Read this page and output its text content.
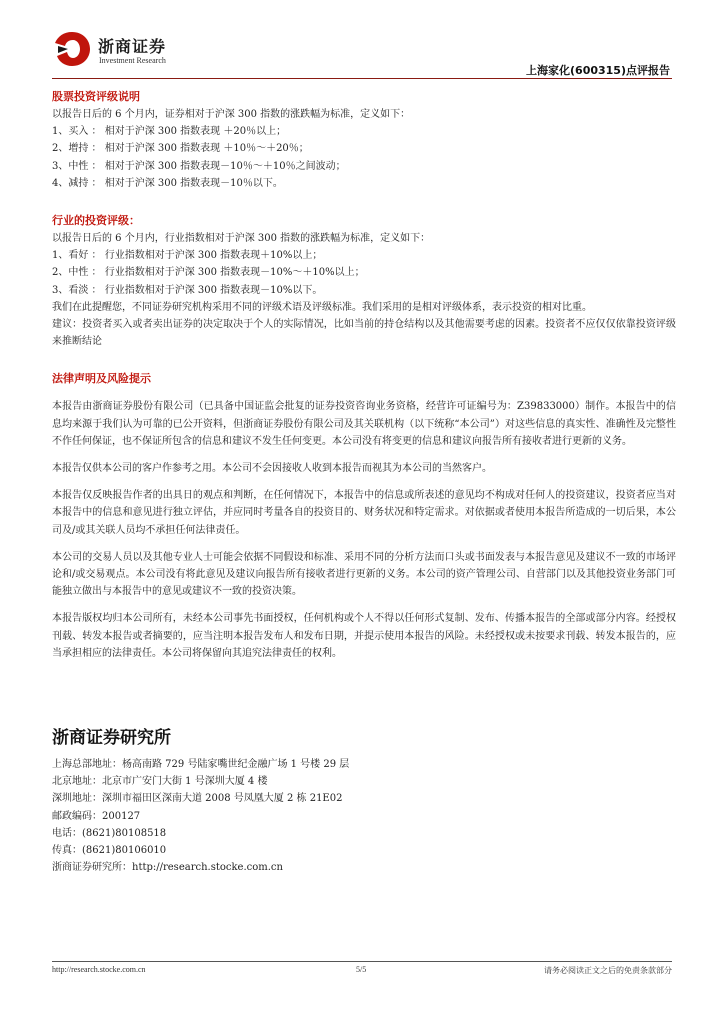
浙商证券
Investment Research
上海家化(600315)点评报告

股票投资评级说明

以报告日后的 6 个月内，证券相对于沪深 300 指数的涨跌幅为标准，定义如下：
1、买入 ： 相对于沪深 300 指数表现 ＋20％以上；
2、增持 ： 相对于沪深 300 指数表现 ＋10％～＋20％；
3、中性 ： 相对于沪深 300 指数表现－10％～＋10％之间波动；
4、减持 ： 相对于沪深 300 指数表现－10％以下。

行业的投资评级：

以报告日后的 6 个月内，行业指数相对于沪深 300 指数的涨跌幅为标准，定义如下：
1、看好 ： 行业指数相对于沪深 300 指数表现＋10%以上；
2、中性 ： 行业指数相对于沪深 300 指数表现－10%～＋10%以上；
3、看淡 ： 行业指数相对于沪深 300 指数表现－10%以下。

我们在此提醒您，不同证券研究机构采用不同的评级术语及评级标准。我们采用的是相对评级体系，表示投资的相对比重。

建议：投资者买入或者卖出证券的决定取决于个人的实际情况，比如当前的持仓结构以及其他需要考虑的因素。投资者不应仅仅依靠投资评级来推断结论

法律声明及风险提示

本报告由浙商证券股份有限公司（已具备中国证监会批复的证券投资咨询业务资格，经营许可证编号为：Z39833000）制作。本报告中的信息均来源于我们认为可靠的已公开资料，但浙商证券股份有限公司及其关联机构（以下统称“本公司”）对这些信息的真实性、准确性及完整性不作任何保证，也不保证所包含的信息和建议不发生任何变更。本公司没有将变更的信息和建议向报告所有接收者进行更新的义务。

本报告仅供本公司的客户作参考之用。本公司不会因接收人收到本报告而视其为本公司的当然客户。

本报告仅反映报告作者的出具日的观点和判断，在任何情况下，本报告中的信息或所表述的意见均不构成对任何人的投资建议，投资者应当对本报告中的信息和意见进行独立评估，并应同时考量各自的投资目的、财务状况和特定需求。对依据或者使用本报告所造成的一切后果，本公司及/或其关联人员均不承担任何法律责任。

本公司的交易人员以及其他专业人士可能会依据不同假设和标准、采用不同的分析方法而口头或书面发表与本报告意见及建议不一致的市场评论和/或交易观点。本公司没有将此意见及建议向报告所有接收者进行更新的义务。本公司的资产管理公司、自营部门以及其他投资业务部门可能独立做出与本报告中的意见或建议不一致的投资决策。

本报告版权均归本公司所有，未经本公司事先书面授权，任何机构或个人不得以任何形式复制、发布、传播本报告的全部或部分内容。经授权刊载、转发本报告或者摘要的，应当注明本报告发布人和发布日期，并提示使用本报告的风险。未经授权或未按要求刊载、转发本报告的，应当承担相应的法律责任。本公司将保留向其追究法律责任的权利。

浙商证券研究所

上海总部地址：杨高南路 729 号陆家嘴世纪金融广场 1 号楼 29 层
北京地址：北京市广安门大街 1 号深圳大厦 4 楼
深圳地址：深圳市福田区深南大道 2008 号凤凰大厦 2 栋 21E02
邮政编码：200127
电话：(8621)80108518
传真：(8621)80106010
浙商证券研究所：http://research.stocke.com.cn
http://research.stocke.com.cn	5/5	请务必阅读正文之后的免责条款部分
